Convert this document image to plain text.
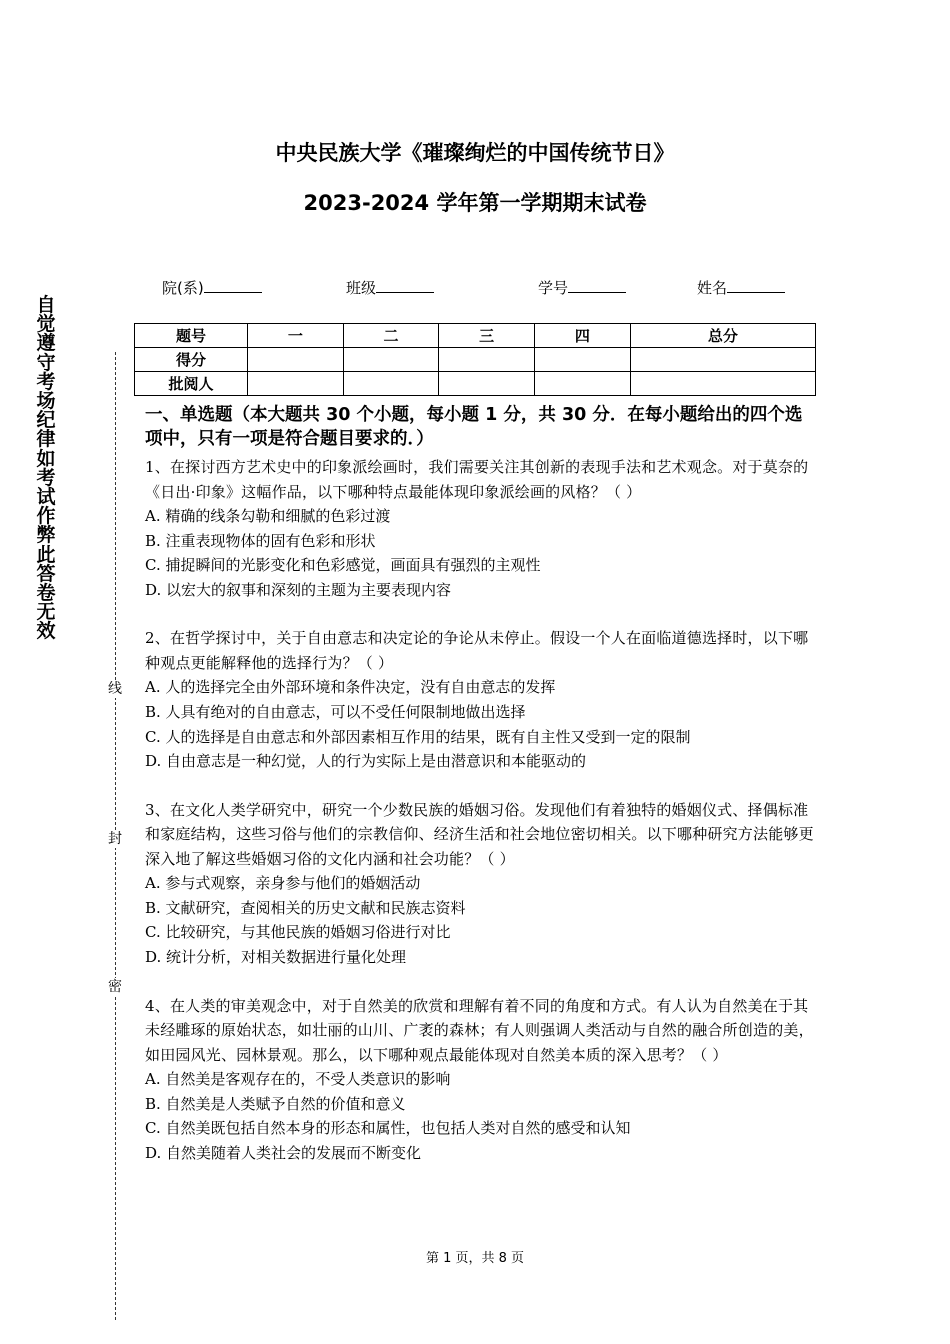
中央民族大学《璀璨绚烂的中国传统节日》
2023-2024 学年第一学期期末试卷
院(系)	班级	学号	姓名
题号	一	二	三	四	总分
得分					
批阅人					
自
觉
遵
守
考
场
纪
律
如
考
试
作
弊
此
答
卷
无
效
线
封
密

一、单选题（本大题共 30 个小题，每小题 1 分，共 30 分．在每小题给出的四个选项中，只有一项是符合题目要求的．）

1、在探讨西方艺术史中的印象派绘画时，我们需要关注其创新的表现手法和艺术观念。对于莫奈的《日出·印象》这幅作品，以下哪种特点最能体现印象派绘画的风格？（ ）

A. 精确的线条勾勒和细腻的色彩过渡

B. 注重表现物体的固有色彩和形状

C. 捕捉瞬间的光影变化和色彩感觉，画面具有强烈的主观性

D. 以宏大的叙事和深刻的主题为主要表现内容

2、在哲学探讨中，关于自由意志和决定论的争论从未停止。假设一个人在面临道德选择时，以下哪种观点更能解释他的选择行为？（ ）

A. 人的选择完全由外部环境和条件决定，没有自由意志的发挥

B. 人具有绝对的自由意志，可以不受任何限制地做出选择

C. 人的选择是自由意志和外部因素相互作用的结果，既有自主性又受到一定的限制

D. 自由意志是一种幻觉，人的行为实际上是由潜意识和本能驱动的

3、在文化人类学研究中，研究一个少数民族的婚姻习俗。发现他们有着独特的婚姻仪式、择偶标准和家庭结构，这些习俗与他们的宗教信仰、经济生活和社会地位密切相关。以下哪种研究方法能够更深入地了解这些婚姻习俗的文化内涵和社会功能？（ ）

A. 参与式观察，亲身参与他们的婚姻活动

B. 文献研究，查阅相关的历史文献和民族志资料

C. 比较研究，与其他民族的婚姻习俗进行对比

D. 统计分析，对相关数据进行量化处理

4、在人类的审美观念中，对于自然美的欣赏和理解有着不同的角度和方式。有人认为自然美在于其未经雕琢的原始状态，如壮丽的山川、广袤的森林；有人则强调人类活动与自然的融合所创造的美，如田园风光、园林景观。那么，以下哪种观点最能体现对自然美本质的深入思考？（ ）

A. 自然美是客观存在的，不受人类意识的影响

B. 自然美是人类赋予自然的价值和意义

C. 自然美既包括自然本身的形态和属性，也包括人类对自然的感受和认知

D. 自然美随着人类社会的发展而不断变化

第 1 页，共 8 页
